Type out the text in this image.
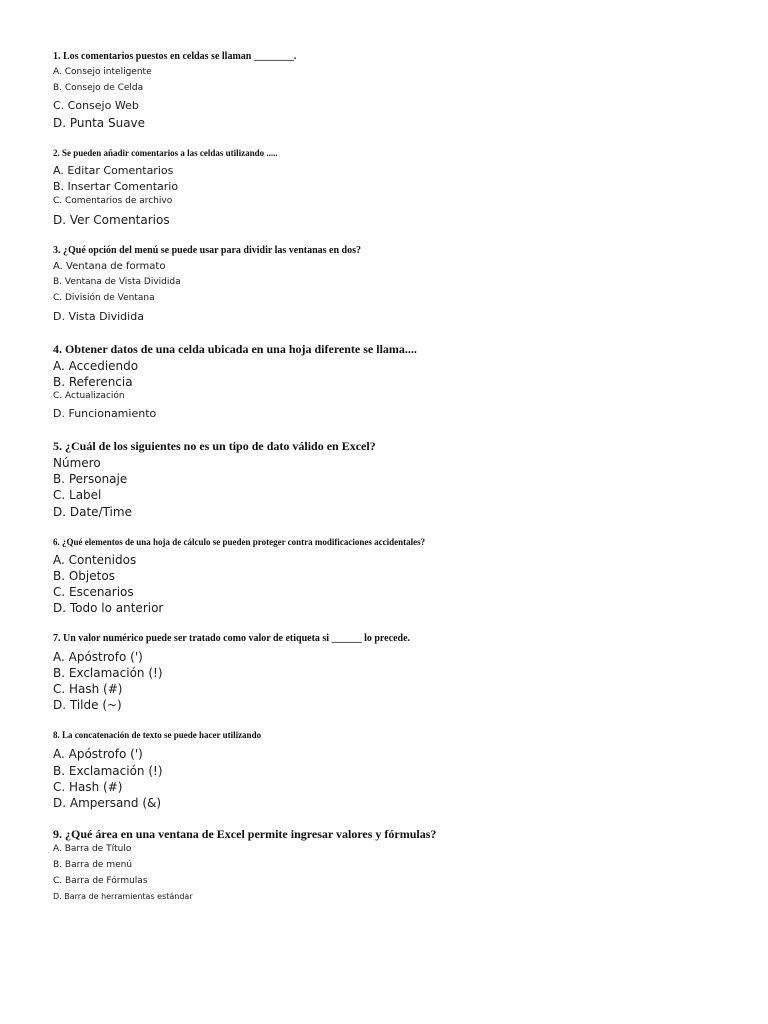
1. Los comentarios puestos en celdas se llaman ________.
A. Consejo inteligente
B. Consejo de Celda
C. Consejo Web
D. Punta Suave
2. Se pueden añadir comentarios a las celdas utilizando .....
A. Editar Comentarios
B. Insertar Comentario
C. Comentarios de archivo
D. Ver Comentarios
3. ¿Qué opción del menú se puede usar para dividir las ventanas en dos?
A. Ventana de formato
B. Ventana de Vista Dividida
C. División de Ventana
D. Vista Dividida
4. Obtener datos de una celda ubicada en una hoja diferente se llama....
A. Accediendo
B. Referencia
C. Actualización
D. Funcionamiento
5. ¿Cuál de los siguientes no es un tipo de dato válido en Excel?
Número
B. Personaje
C. Label
D. Date/Time
6. ¿Qué elementos de una hoja de cálculo se pueden proteger contra modificaciones accidentales?
A. Contenidos
B. Objetos
C. Escenarios
D. Todo lo anterior
7. Un valor numérico puede ser tratado como valor de etiqueta si ______ lo precede.
A. Apóstrofo (')
B. Exclamación (!)
C. Hash (#)
D. Tilde (~)
8. La concatenación de texto se puede hacer utilizando
A. Apóstrofo (')
B. Exclamación (!)
C. Hash (#)
D. Ampersand (&)
9. ¿Qué área en una ventana de Excel permite ingresar valores y fórmulas?
A. Barra de Título
B. Barra de menú
C. Barra de Fórmulas
D. Barra de herramientas estándar
